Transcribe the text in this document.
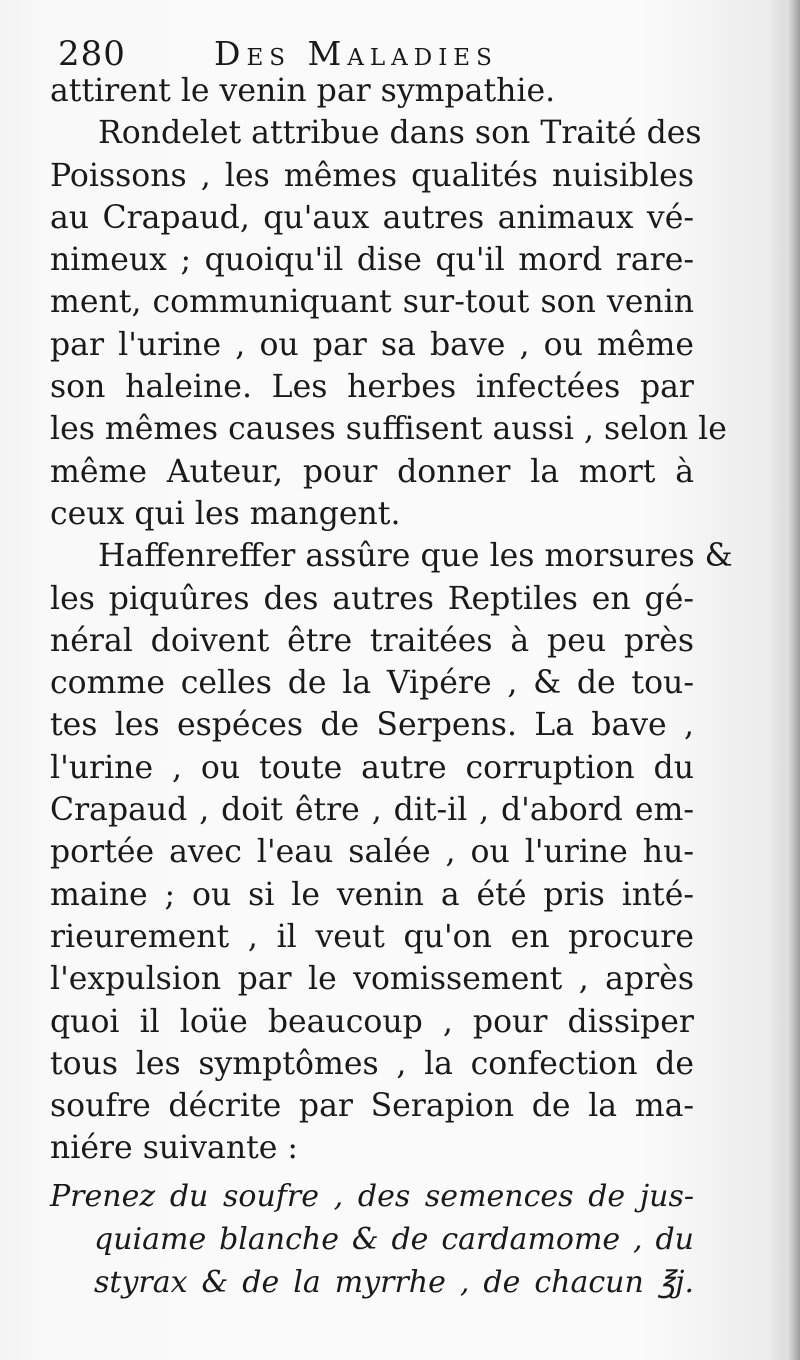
280	Des Maladies
attirent le venin par sympathie.
Rondelet attribue dans son Traité des
Poissons , les mêmes qualités nuisibles
au Crapaud, qu'aux autres animaux vé-
nimeux ; quoiqu'il dise qu'il mord rare-
ment, communiquant sur-tout son venin
par l'urine , ou par sa bave , ou même
son haleine. Les herbes infectées par
les mêmes causes suffisent aussi , selon le
même Auteur, pour donner la mort à
ceux qui les mangent.
Haffenreffer assûre que les morsures &
les piquûres des autres Reptiles en gé-
néral doivent être traitées à peu près
comme celles de la Vipére , & de tou-
tes les espéces de Serpens. La bave ,
l'urine , ou toute autre corruption du
Crapaud , doit être , dit-il , d'abord em-
portée avec l'eau salée , ou l'urine hu-
maine ; ou si le venin a été pris inté-
rieurement , il veut qu'on en procure
l'expulsion par le vomissement , après
quoi il loüe beaucoup , pour dissiper
tous les symptômes , la confection de
soufre décrite par Serapion de la ma-
niére suivante :
Prenez du soufre , des semences de jus-
quiame blanche & de cardamome , du
styrax & de la myrrhe , de chacun ℥j.
